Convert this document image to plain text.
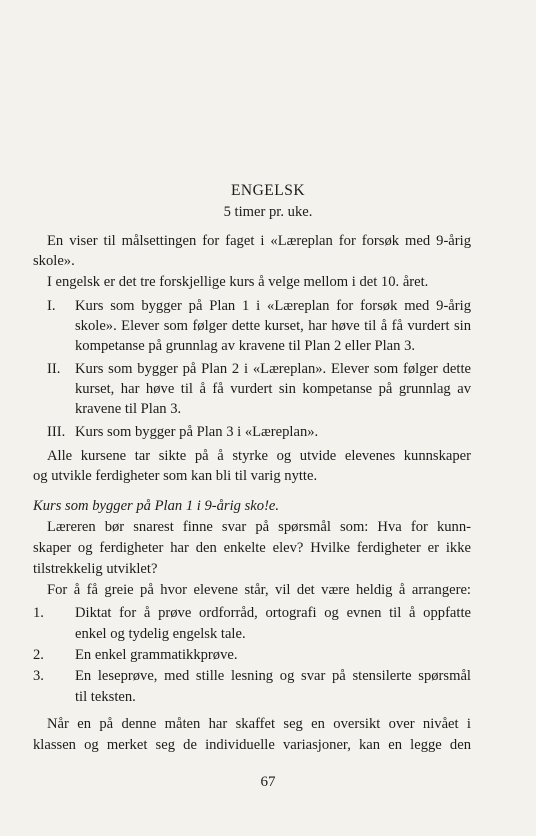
ENGELSK
5 timer pr. uke.
En viser til målsettingen for faget i «Læreplan for forsøk med 9-årig
skole».
I engelsk er det tre forskjellige kurs å velge mellom i det 10. året.
I. Kurs som bygger på Plan 1 i «Læreplan for forsøk med 9-årig
skole». Elever som følger dette kurset, har høve til å få vurdert sin
kompetanse på grunnlag av kravene til Plan 2 eller Plan 3.
II. Kurs som bygger på Plan 2 i «Læreplan». Elever som følger dette
kurset, har høve til å få vurdert sin kompetanse på grunnlag av
kravene til Plan 3.
III. Kurs som bygger på Plan 3 i «Læreplan».
Alle kursene tar sikte på å styrke og utvide elevenes kunnskaper
og utvikle ferdigheter som kan bli til varig nytte.
Kurs som bygger på Plan 1 i 9-årig sko!e.
Læreren bør snarest finne svar på spørsmål som: Hva for kunn-
skaper og ferdigheter har den enkelte elev? Hvilke ferdigheter er ikke
tilstrekkelig utviklet?
For å få greie på hvor elevene står, vil det være heldig å arrangere:
1. Diktat for å prøve ordforråd, ortografi og evnen til å oppfatte
enkel og tydelig engelsk tale.
2. En enkel grammatikkprøve.
3. En leseprøve, med stille lesning og svar på stensilerte spørsmål
til teksten.
67
Når en på denne måten har skaffet seg en oversikt over nivået i
klassen og merket seg de individuelle variasjoner, kan en legge den
